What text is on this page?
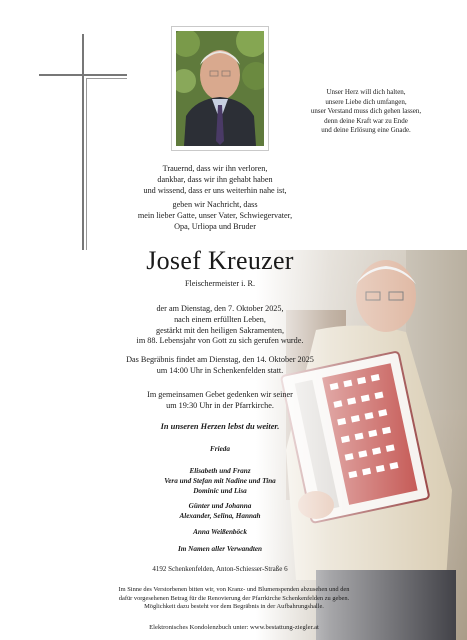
Unser Herz will dich halten,
unsere Liebe dich umfangen,
unser Verstand muss dich gehen lassen,
denn deine Kraft war zu Ende
und deine Erlösung eine Gnade.
Trauernd, dass wir ihn verloren,
dankbar, dass wir ihn gehabt haben
und wissend, dass er uns weiterhin nahe ist,
geben wir Nachricht, dass
mein lieber Gatte, unser Vater, Schwiegervater,
Opa, Urliopa und Bruder
Josef Kreuzer
Fleischermeister i. R.
der am Dienstag, den 7. Oktober 2025,
nach einem erfüllten Leben,
gestärkt mit den heiligen Sakramenten,
im 88. Lebensjahr von Gott zu sich gerufen wurde.
Das Begräbnis findet am Dienstag, den 14. Oktober 2025
um 14:00 Uhr in Schenkenfelden statt.
Im gemeinsamen Gebet gedenken wir seiner
um 19:30 Uhr in der Pfarrkirche.
In unseren Herzen lebst du weiter.
Frieda
Elisabeth und Franz
Vera und Stefan mit Nadine und Tina
Dominic und Lisa
Günter und Johanna
Alexander, Selina, Hannah
Anna Weißenböck
Im Namen aller Verwandten
4192 Schenkenfelden, Anton-Schiesser-Straße 6
Im Sinne des Verstorbenen bitten wir, von Kranz- und Blumenspenden abzusehen und den
dafür vorgesehenen Betrag für die Renovierung der Pfarrkirche Schenkenfelden zu geben.
Möglichkeit dazu besteht vor dem Begräbnis in der Aufbahrungshalle.
Elektronisches Kondolenzbuch unter: www.bestattung-ziegler.at
